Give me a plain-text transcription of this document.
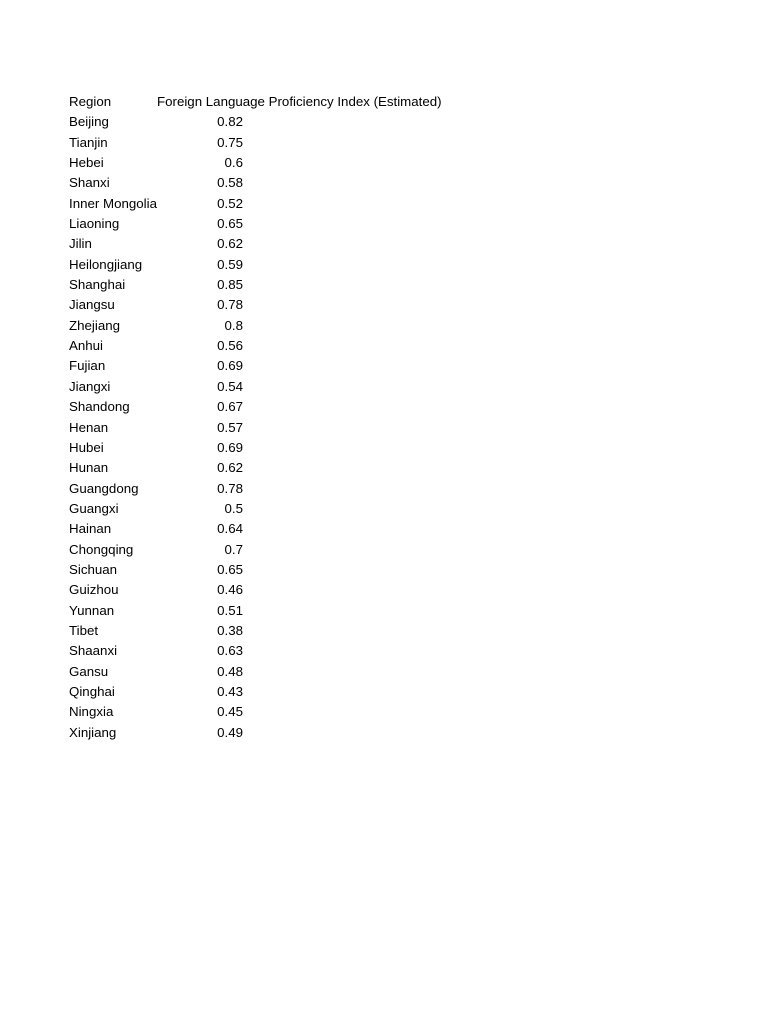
Region	Foreign Language Proficiency Index (Estimated)
Beijing	0.82
Tianjin	0.75
Hebei	0.6
Shanxi	0.58
Inner Mongolia	0.52
Liaoning	0.65
Jilin	0.62
Heilongjiang	0.59
Shanghai	0.85
Jiangsu	0.78
Zhejiang	0.8
Anhui	0.56
Fujian	0.69
Jiangxi	0.54
Shandong	0.67
Henan	0.57
Hubei	0.69
Hunan	0.62
Guangdong	0.78
Guangxi	0.5
Hainan	0.64
Chongqing	0.7
Sichuan	0.65
Guizhou	0.46
Yunnan	0.51
Tibet	0.38
Shaanxi	0.63
Gansu	0.48
Qinghai	0.43
Ningxia	0.45
Xinjiang	0.49
